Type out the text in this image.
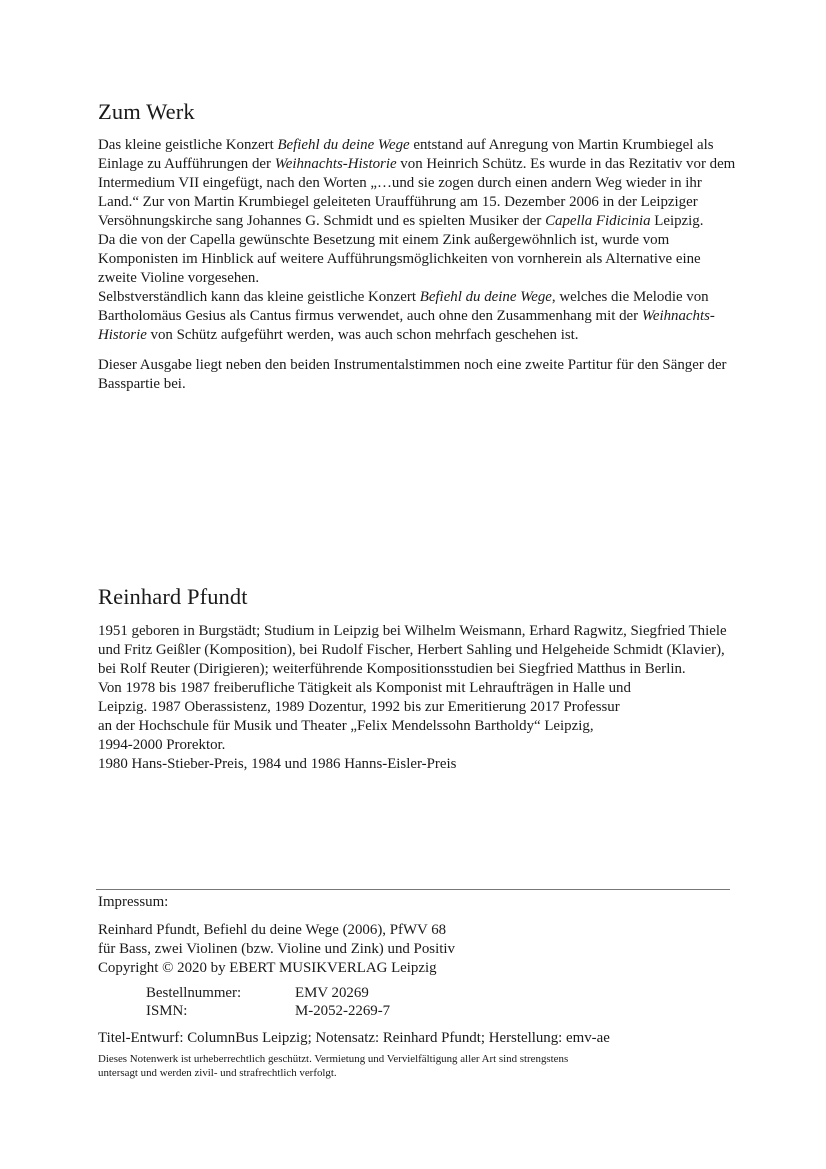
Zum Werk

Das kleine geistliche Konzert Befiehl du deine Wege entstand auf Anregung von Martin Krumbiegel als Einlage zu Aufführungen der Weihnachts-Historie von Heinrich Schütz. Es wurde in das Rezitativ vor dem Intermedium VII eingefügt, nach den Worten „…und sie zogen durch einen andern Weg wieder in ihr Land.“ Zur von Martin Krumbiegel geleiteten Uraufführung am 15. Dezember 2006 in der Leipziger Versöhnungskirche sang Johannes G. Schmidt und es spielten Musiker der Capella Fidicinia Leipzig.

Da die von der Capella gewünschte Besetzung mit einem Zink außergewöhnlich ist, wurde vom Komponisten im Hinblick auf weitere Aufführungsmöglichkeiten von vornherein als Alternative eine zweite Violine vorgesehen.

Selbstverständlich kann das kleine geistliche Konzert Befiehl du deine Wege, welches die Melodie von Bartholomäus Gesius als Cantus firmus verwendet, auch ohne den Zusammenhang mit der Weihnachts-Historie von Schütz aufgeführt werden, was auch schon mehrfach geschehen ist.

Dieser Ausgabe liegt neben den beiden Instrumentalstimmen noch eine zweite Partitur für den Sänger der Basspartie bei.

Reinhard Pfundt

1951 geboren in Burgstädt; Studium in Leipzig bei Wilhelm Weismann, Erhard Ragwitz, Siegfried Thiele und Fritz Geißler (Komposition), bei Rudolf Fischer, Herbert Sahling und Helgeheide Schmidt (Klavier), bei Rolf Reuter (Dirigieren); weiterführende Kompositionsstudien bei Siegfried Matthus in Berlin.

Von 1978 bis 1987 freiberufliche Tätigkeit als Komponist mit Lehraufträgen in Halle und
Leipzig. 1987 Oberassistenz, 1989 Dozentur, 1992 bis zur Emeritierung 2017 Professur
an der Hochschule für Musik und Theater „Felix Mendelssohn Bartholdy“ Leipzig,
1994-2000 Prorektor.

1980 Hans-Stieber-Preis, 1984 und 1986 Hanns-Eisler-Preis

Impressum:

Reinhard Pfundt, Befiehl du deine Wege (2006), PfWV 68

für Bass, zwei Violinen (bzw. Violine und Zink) und Positiv

Copyright © 2020 by EBERT MUSIKVERLAG Leipzig

Bestellnummer:	EMV 20269
ISMN:	M-2052-2269-7

Titel-Entwurf: ColumnBus Leipzig; Notensatz: Reinhard Pfundt; Herstellung: emv-ae

Dieses Notenwerk ist urheberrechtlich geschützt. Vermietung und Vervielfältigung aller Art sind strengstens
untersagt und werden zivil- und strafrechtlich verfolgt.
